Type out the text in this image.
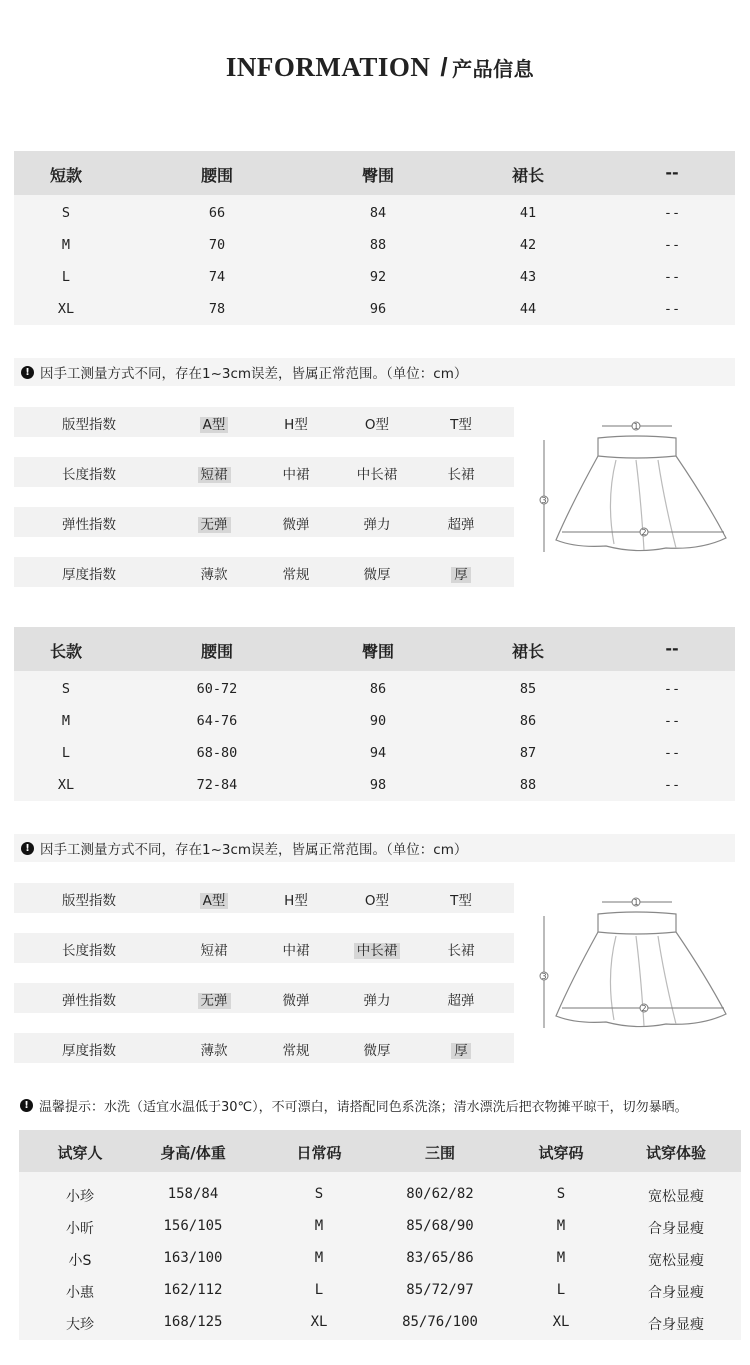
INFORMATION / 产品信息
短款	腰围	臀围	裙长	--
S	66	84	41	--
M	70	88	42	--
L	74	92	43	--
XL	78	96	44	--
! 因手工测量方式不同，存在1~3cm误差，皆属正常范围。（单位：cm）
版型指数	A型	H型	O型	T型
长度指数	短裙	中裙	中长裙	长裙
弹性指数	无弹	微弹	弹力	超弹
厚度指数	薄款	常规	微厚	厚
1
2
3
长款	腰围	臀围	裙长	--
S	60-72	86	85	--
M	64-76	90	86	--
L	68-80	94	87	--
XL	72-84	98	88	--
! 因手工测量方式不同，存在1~3cm误差，皆属正常范围。（单位：cm）
版型指数	A型	H型	O型	T型
长度指数	短裙	中裙	中长裙	长裙
弹性指数	无弹	微弹	弹力	超弹
厚度指数	薄款	常规	微厚	厚
1
2
3
! 温馨提示：水洗（适宜水温低于30℃），不可漂白，请搭配同色系洗涤；清水漂洗后把衣物摊平晾干，切勿暴晒。
试穿人	身高/体重	日常码	三围	试穿码	试穿体验
小珍	158/84	S	80/62/82	S	宽松显瘦
小昕	156/105	M	85/68/90	M	合身显瘦
小S	163/100	M	83/65/86	M	宽松显瘦
小惠	162/112	L	85/72/97	L	合身显瘦
大珍	168/125	XL	85/76/100	XL	合身显瘦
